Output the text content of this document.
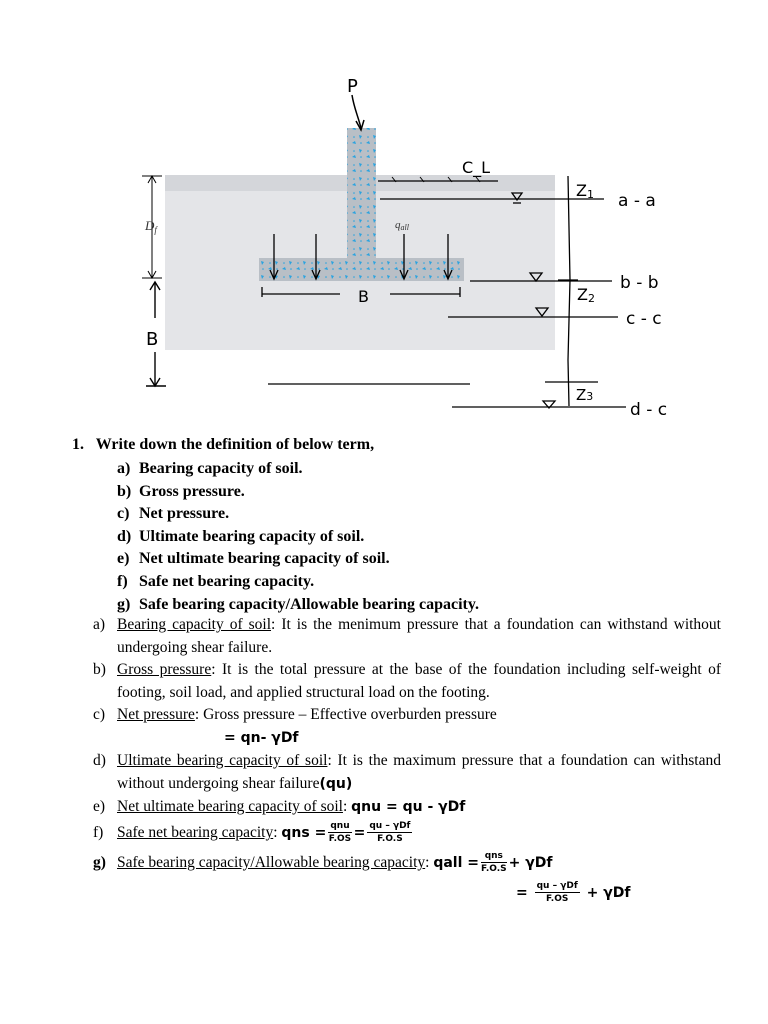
P
C_L
$D_f$
B
qall
B
Z1
Z2
Z3
a - a
b - b
c - c
d - c
1. Write down the definition of below term,
a) Bearing capacity of soil.
b) Gross pressure.
c) Net pressure.
d) Ultimate bearing capacity of soil.
e) Net ultimate bearing capacity of soil.
f) Safe net bearing capacity.
g) Safe bearing capacity/Allowable bearing capacity.
a) Bearing capacity of soil: It is the menimum pressure that a foundation can withstand without undergoing shear failure.
b) Gross pressure: It is the total pressure at the base of the foundation including self-weight of footing, soil load, and applied structural load on the footing.
c) Net pressure: Gross pressure – Effective overburden pressure
= qn- γDf
d) Ultimate bearing capacity of soil: It is the maximum pressure that a foundation can withstand without undergoing shear failure(qu)
e) Net ultimate bearing capacity of soil: qnu = qu - γDf
f) Safe net bearing capacity: qns = $\frac{\text{qnu}}{F.OS} = \frac{\text{qu – γDf}}{F.O.S}$
g) Safe bearing capacity/Allowable bearing capacity: qall = $\frac{\text{qns}}{F.O.S} + \gamma Df$
= $\frac{\text{qu – γDf}}{F.OS} + \gamma Df$
